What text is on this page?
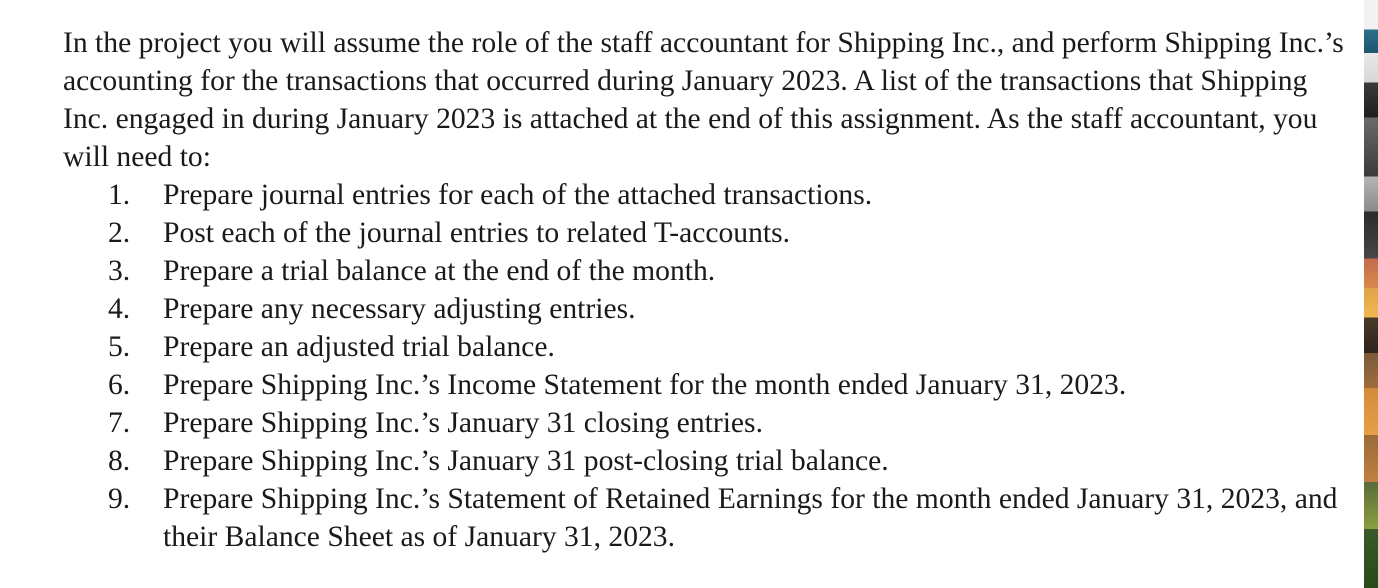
In the project you will assume the role of the staff accountant for Shipping Inc., and perform Shipping Inc.’s accounting for the transactions that occurred during January 2023. A list of the transactions that Shipping Inc. engaged in during January 2023 is attached at the end of this assignment. As the staff accountant, you will need to:

1. Prepare journal entries for each of the attached transactions.
2. Post each of the journal entries to related T-accounts.
3. Prepare a trial balance at the end of the month.
4. Prepare any necessary adjusting entries.
5. Prepare an adjusted trial balance.
6. Prepare Shipping Inc.’s Income Statement for the month ended January 31, 2023.
7. Prepare Shipping Inc.’s January 31 closing entries.
8. Prepare Shipping Inc.’s January 31 post-closing trial balance.
9. Prepare Shipping Inc.’s Statement of Retained Earnings for the month ended January 31, 2023, and their Balance Sheet as of January 31, 2023.
